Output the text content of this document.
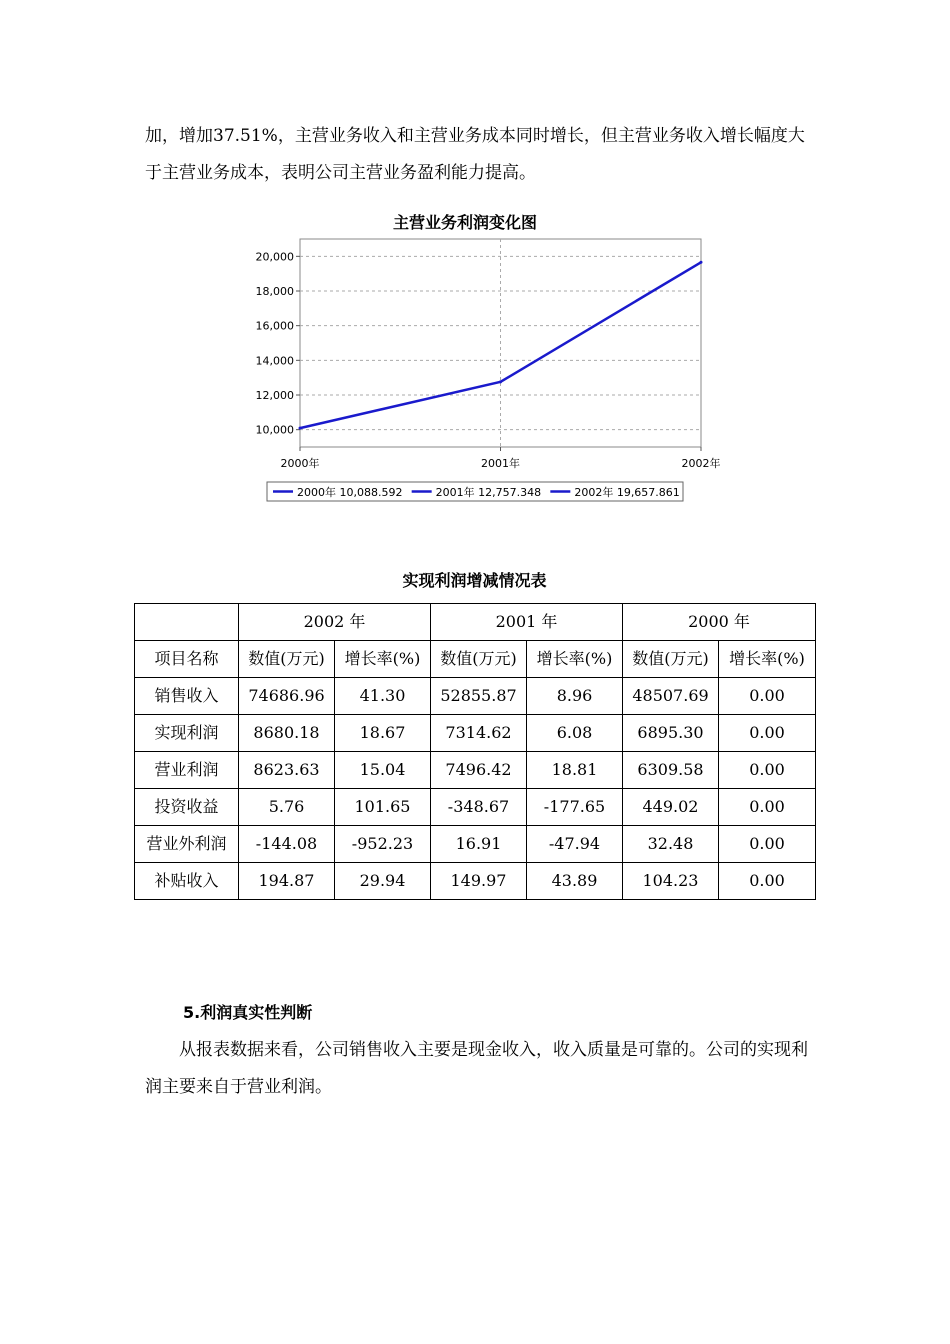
加，增加37.51%，主营业务收入和主营业务成本同时增长，但主营业务收入增长幅度大于主营业务成本，表明公司主营业务盈利能力提高。

主营业务利润变化图
10,000
12,000
14,000
16,000
18,000
20,000
2000年	2001年	2002年
2000年 10,088.592	2001年 12,757.348	2002年 19,657.861
实现利润增减情况表
	2002 年		2001 年		2000 年	
项目名称	数值(万元)	增长率(%)	数值(万元)	增长率(%)	数值(万元)	增长率(%)
销售收入	74686.96	41.30	52855.87	8.96	48507.69	0.00
实现利润	8680.18	18.67	7314.62	6.08	6895.30	0.00
营业利润	8623.63	15.04	7496.42	18.81	6309.58	0.00
投资收益	5.76	101.65	-348.67	-177.65	449.02	0.00
营业外利润	-144.08	-952.23	16.91	-47.94	32.48	0.00
补贴收入	194.87	29.94	149.97	43.89	104.23	0.00
5.利润真实性判断

从报表数据来看，公司销售收入主要是现金收入，收入质量是可靠的。公司的实现利润主要来自于营业利润。
